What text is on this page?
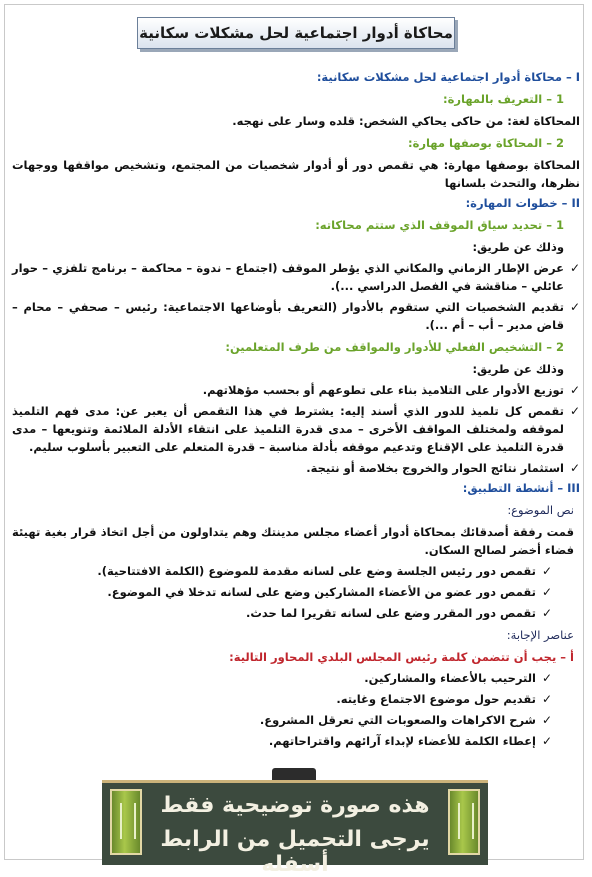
محاكاة أدوار اجتماعية لحل مشكلات سكانية
I – محاكاة أدوار اجتماعية لحل مشكلات سكانية:
1 – التعريف بالمهارة:
المحاكاة لغة: من حاكى يحاكي الشخص: قلده وسار على نهجه.
2 – المحاكاة بوصفها مهارة:
المحاكاة بوصفها مهارة: هي تقمص دور أو أدوار شخصيات من المجتمع، وتشخيص مواقفها ووجهات نظرها، والتحدث بلسانها
II – خطوات المهارة:
1 – تحديد سياق الموقف الذي ستتم محاكاته:
وذلك عن طريق:
✓
عرض الإطار الزماني والمكاني الذي يؤطر الموقف (اجتماع – ندوة – محاكمة – برنامج تلفزي – حوار عائلي – مناقشة في الفصل الدراسي ...).
✓
تقديم الشخصيات التي ستقوم بالأدوار (التعريف بأوضاعها الاجتماعية: رئيس – صحفي – محام – قاض مدير – أب – أم ...).
2 – التشخيص الفعلي للأدوار والمواقف من طرف المتعلمين:
وذلك عن طريق:
✓
توزيع الأدوار على التلاميذ بناء على تطوعهم أو بحسب مؤهلاتهم.
✓
تقمص كل تلميذ للدور الذي أسند إليه: يشترط في هذا التقمص أن يعبر عن: مدى فهم التلميذ لموقفه ولمختلف المواقف الأخرى – مدى قدرة التلميذ على انتقاء الأدلة الملائمة وتنويعها – مدى قدرة التلميذ على الإقناع وتدعيم موقفه بأدلة مناسبة – قدرة المتعلم على التعبير بأسلوب سليم.
✓
استثمار نتائج الحوار والخروج بخلاصة أو نتيجة.
III – أنشطة التطبيق:
نص الموضوع:
قمت رفقة أصدقائك بمحاكاة أدوار أعضاء مجلس مدينتك وهم يتداولون من أجل اتخاذ قرار بغية تهيئة فضاء أخضر لصالح السكان.
✓
تقمص دور رئيس الجلسة وضع على لسانه مقدمة للموضوع (الكلمة الافتتاحية).
✓
تقمص دور عضو من الأعضاء المشاركين وضع على لسانه تدخلا في الموضوع.
✓
تقمص دور المقرر وضع على لسانه تقريرا لما حدث.
عناصر الإجابة:
أ – يجب أن تتضمن كلمة رئيس المجلس البلدي المحاور التالية:
✓
الترحيب بالأعضاء والمشاركين.
✓
تقديم حول موضوع الاجتماع وغايته.
✓
شرح الاكراهات والصعوبات التي تعرقل المشروع.
✓
إعطاء الكلمة للأعضاء لإبداء آرائهم واقتراحاتهم.
هذه صورة توضيحية فقط
يرجى التحميل من الرابط أسفله
